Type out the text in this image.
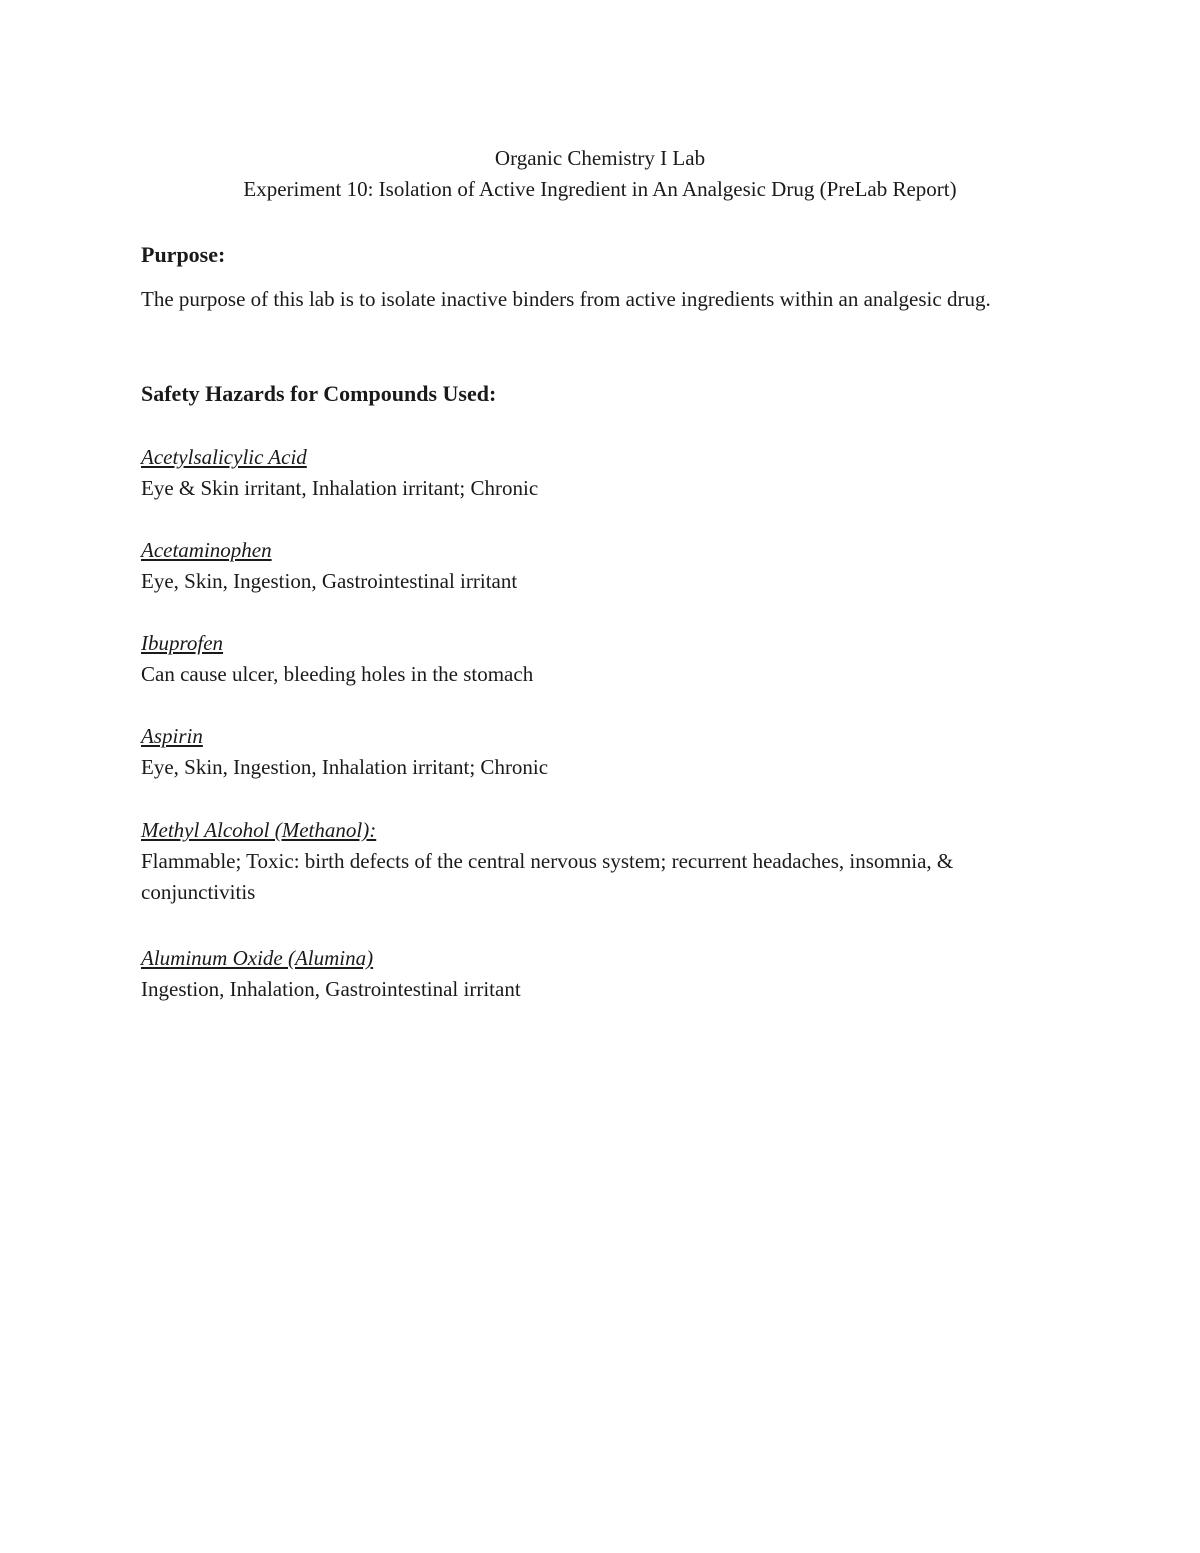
Organic Chemistry I Lab
Experiment 10: Isolation of Active Ingredient in An Analgesic Drug (PreLab Report)
Purpose:
The purpose of this lab is to isolate inactive binders from active ingredients within an analgesic drug.
Safety Hazards for Compounds Used:
Acetylsalicylic Acid
Eye & Skin irritant, Inhalation irritant; Chronic
Acetaminophen
Eye, Skin, Ingestion, Gastrointestinal irritant
Ibuprofen
Can cause ulcer, bleeding holes in the stomach
Aspirin
Eye, Skin, Ingestion, Inhalation irritant; Chronic
Methyl Alcohol (Methanol):
Flammable; Toxic: birth defects of the central nervous system; recurrent headaches, insomnia, & conjunctivitis
Aluminum Oxide (Alumina)
Ingestion, Inhalation, Gastrointestinal irritant
